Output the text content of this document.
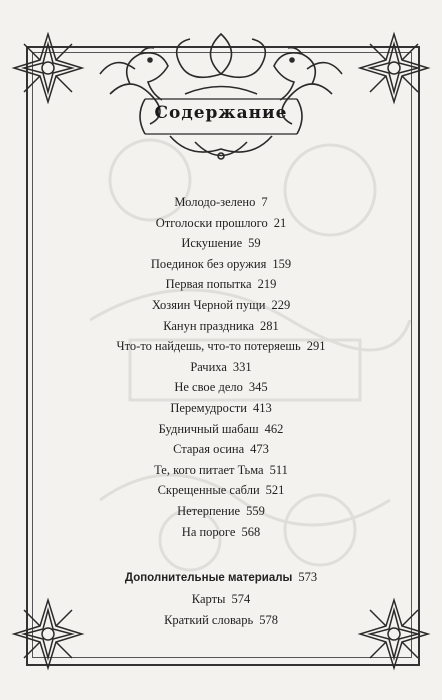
Содержание
Молодо-зелено 7
Отголоски прошлого 21
Искушение 59
Поединок без оружия 159
Первая попытка 219
Хозяин Черной пущи 229
Канун праздника 281
Что-то найдешь, что-то потеряешь 291
Рачиха 331
Не свое дело 345
Перемудрости 413
Будничный шабаш 462
Старая осина 473
Те, кого питает Тьма 511
Скрещенные сабли 521
Нетерпение 559
На пороге 568
Дополнительные материалы 573
Карты 574
Краткий словарь 578
